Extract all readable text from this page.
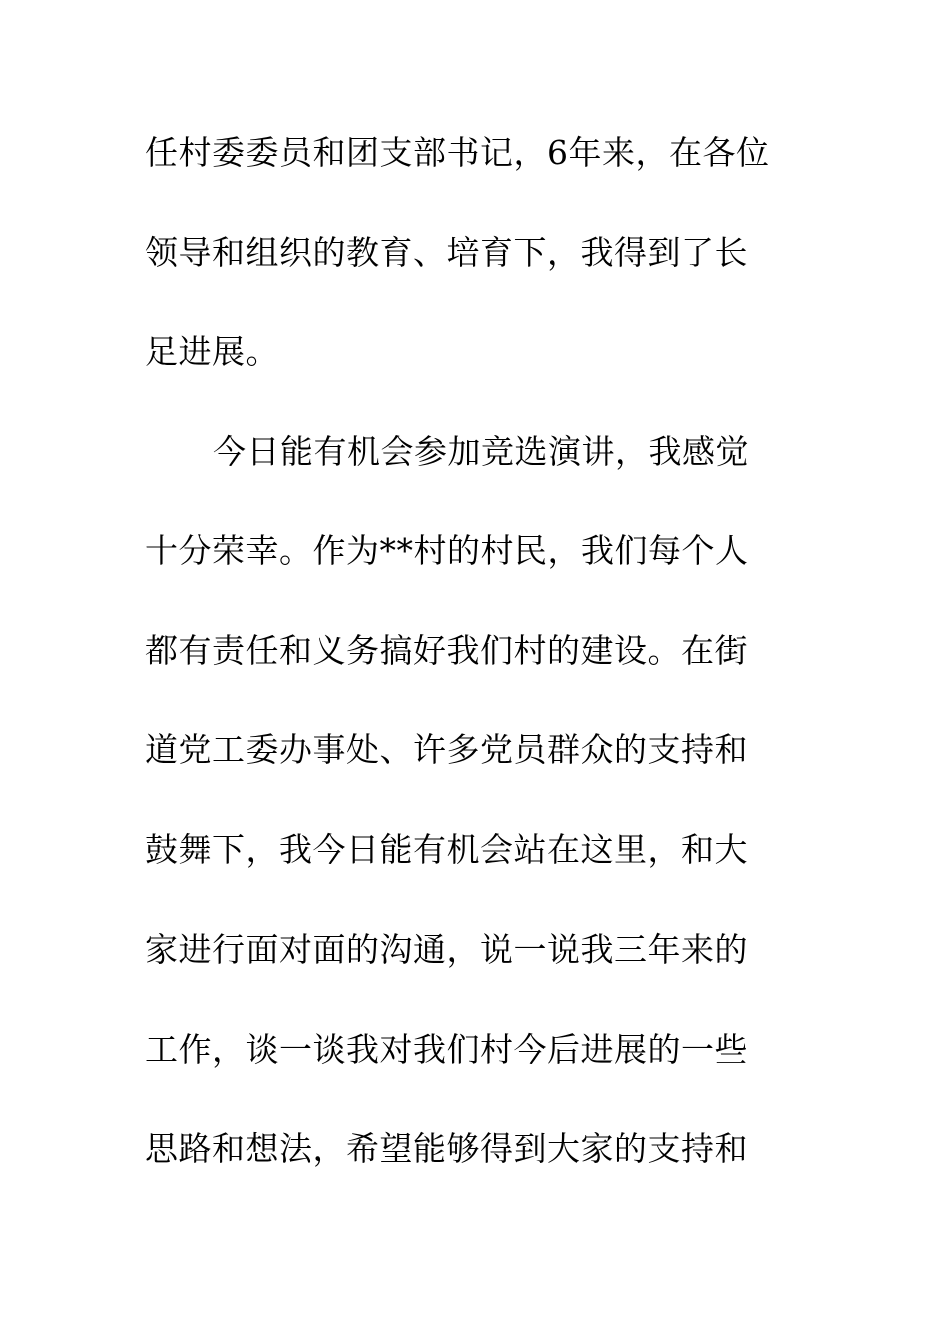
任村委委员和团支部书记，6年来，在各位
领导和组织的教育、培育下，我得到了长
足进展。
今日能有机会参加竞选演讲，我感觉
十分荣幸。作为**村的村民，我们每个人
都有责任和义务搞好我们村的建设。在街
道党工委办事处、许多党员群众的支持和
鼓舞下，我今日能有机会站在这里，和大
家进行面对面的沟通，说一说我三年来的
工作，谈一谈我对我们村今后进展的一些
思路和想法，希望能够得到大家的支持和
